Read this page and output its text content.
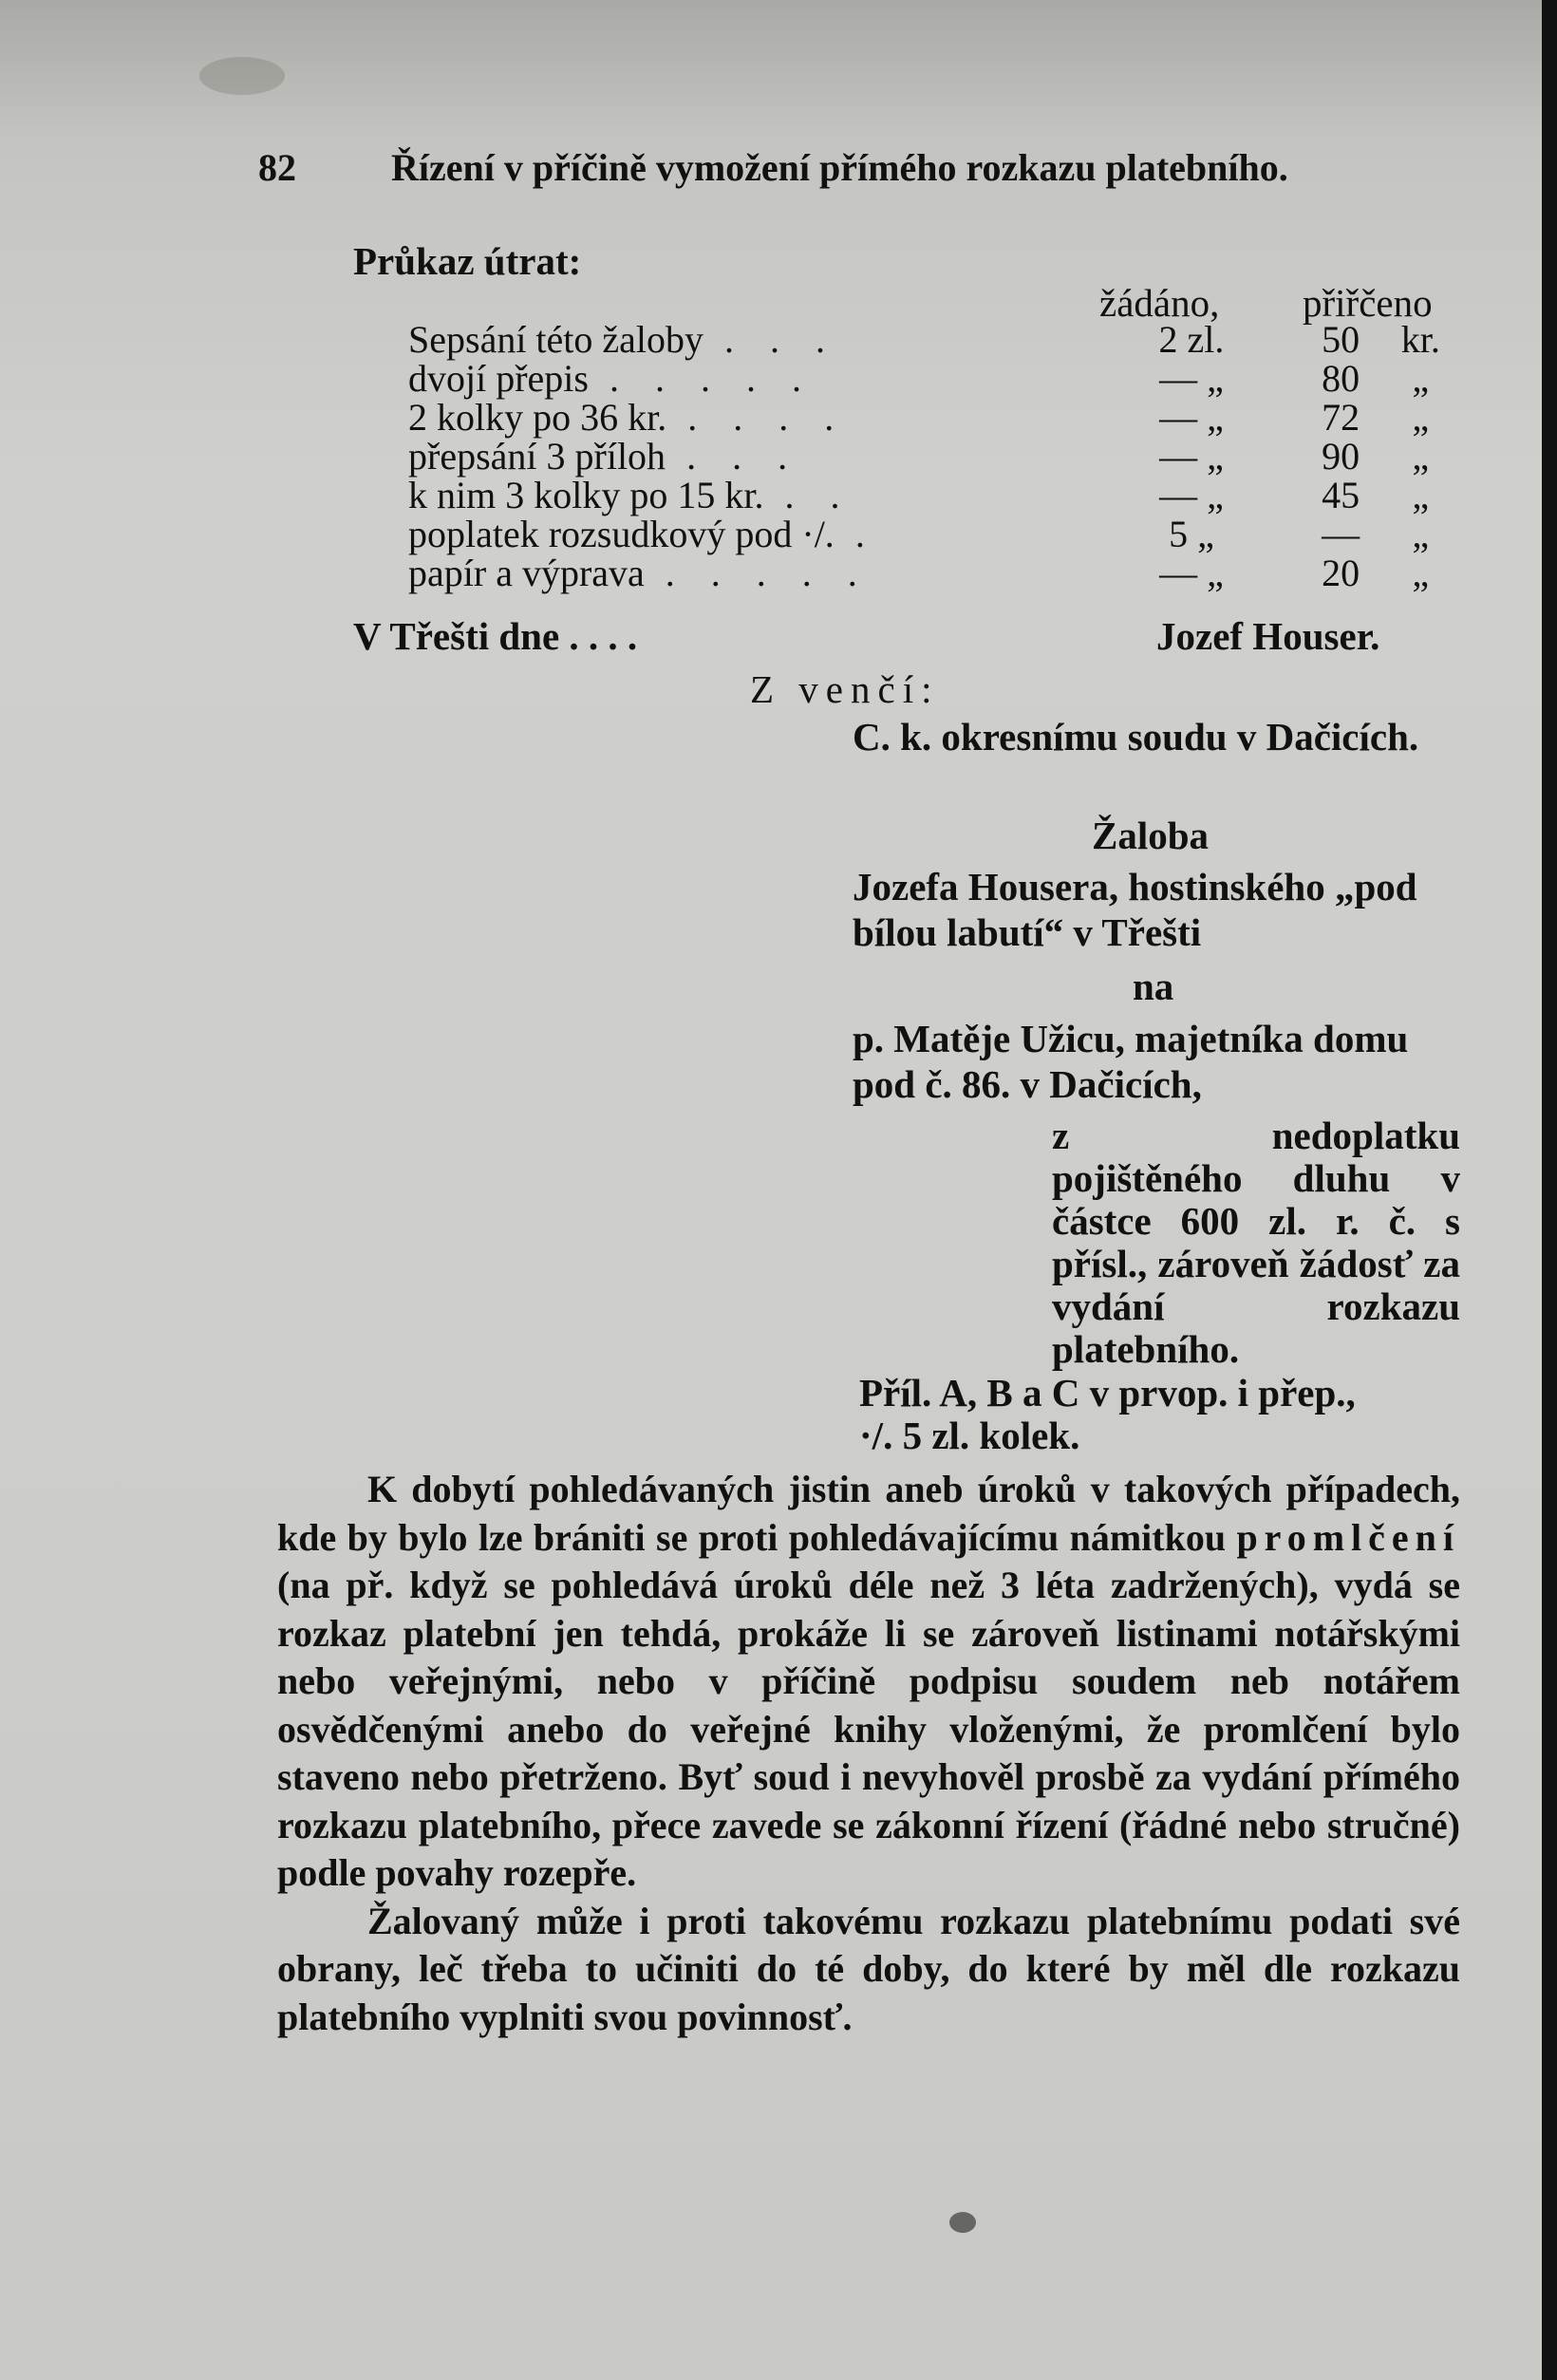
82	Řízení v příčině vymožení přímého rozkazu platebního.
Průkaz útrat:
žádáno, přiřčeno
Sepsání této žaloby . . .	2 zl.	50	kr.
dvojí přepis . . . . .	— „	80	„
2 kolky po 36 kr. . . . .	— „	72	„
přepsání 3 příloh . . .	— „	90	„
k nim 3 kolky po 15 kr. . .	— „	45	„
poplatek rozsudkový pod ·/. .	5 „	—	„
papír a výprava . . . . .	— „	20	„
V Třešti dne . . . .	Jozef Houser.
Z venčí:
C. k. okresnímu soudu v Dačicích.
Žaloba
Jozefa Housera, hostinského „pod bílou labutí“ v Třešti
na
p. Matěje Užicu, majetníka domu pod č. 86. v Dačicích,
z nedoplatku pojištěného dluhu v částce 600 zl. r. č. s přísl., zároveň žádosť za vydání rozkazu platebního.
Příl. A, B a C v prvop. i přep.,
·/. 5 zl. kolek.

K dobytí pohledávaných jistin aneb úroků v takových případech, kde by bylo lze brániti se proti pohledávajícímu námitkou promlčení (na př. když se pohledává úroků déle než 3 léta zadržených), vydá se rozkaz platební jen tehdá, prokáže li se zároveň listinami notářskými nebo veřejnými, nebo v příčině podpisu soudem neb notářem osvědčenými anebo do veřejné knihy vloženými, že promlčení bylo staveno nebo přetrženo. Byť soud i nevyhověl prosbě za vydání přímého rozkazu platebního, přece zavede se zákonní řízení (řádné nebo stručné) podle povahy rozepře.

Žalovaný může i proti takovému rozkazu platebnímu podati své obrany, leč třeba to učiniti do té doby, do které by měl dle rozkazu platebního vyplniti svou povinnosť.
